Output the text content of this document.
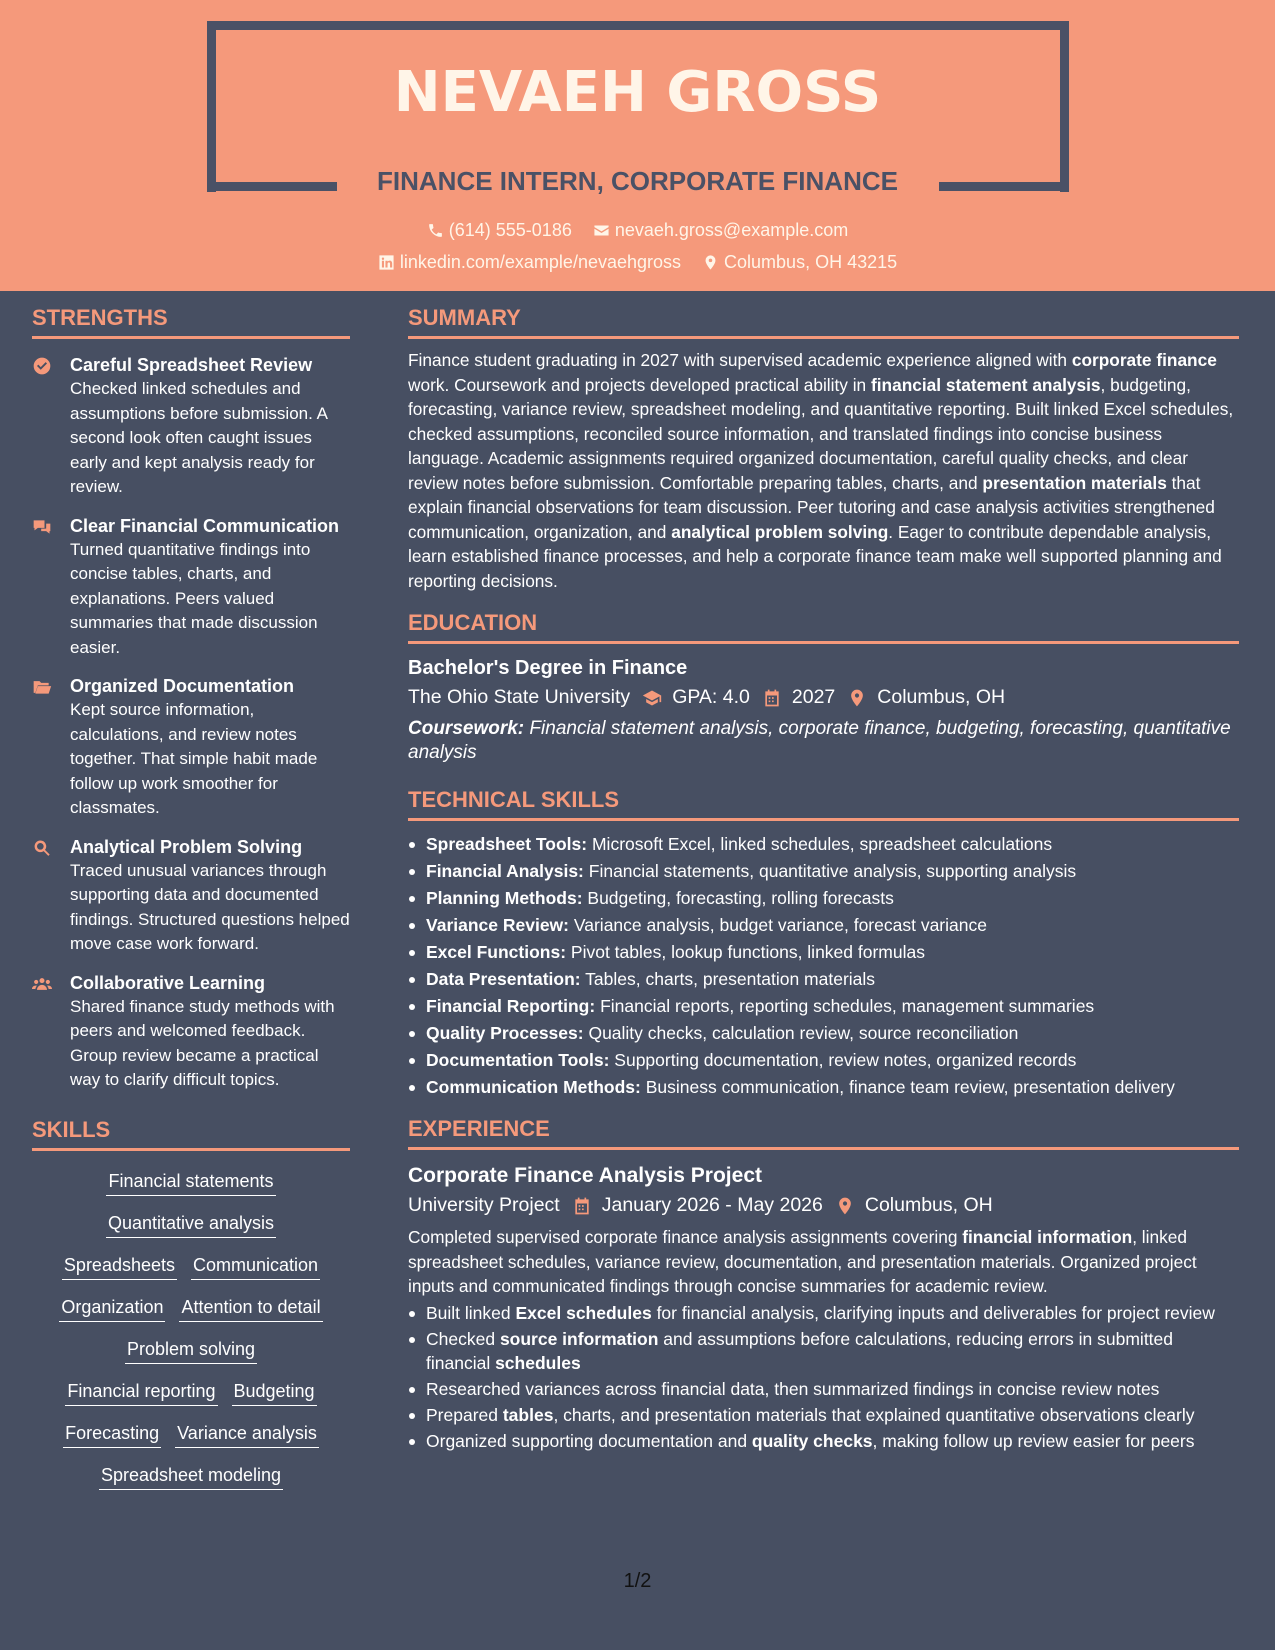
NEVAEH GROSS
FINANCE INTERN, CORPORATE FINANCE
(614) 555-0186
nevaeh.gross@example.com
linkedin.com/example/nevaehgross
Columbus, OH 43215
STRENGTHS
Careful Spreadsheet Review

Checked linked schedules and assumptions before submission. A second look often caught issues early and kept analysis ready for review.

Clear Financial Communication

Turned quantitative findings into concise tables, charts, and explanations. Peers valued summaries that made discussion easier.

Organized Documentation

Kept source information, calculations, and review notes together. That simple habit made follow up work smoother for classmates.

Analytical Problem Solving

Traced unusual variances through supporting data and documented findings. Structured questions helped move case work forward.

Collaborative Learning

Shared finance study methods with peers and welcomed feedback. Group review became a practical way to clarify difficult topics.

SKILLS
Financial statements
Quantitative analysis
Spreadsheets Communication
Organization Attention to detail
Problem solving
Financial reporting Budgeting
Forecasting Variance analysis
Spreadsheet modeling
SUMMARY

Finance student graduating in 2027 with supervised academic experience aligned with corporate finance work. Coursework and projects developed practical ability in financial statement analysis, budgeting, forecasting, variance review, spreadsheet modeling, and quantitative reporting. Built linked Excel schedules, checked assumptions, reconciled source information, and translated findings into concise business language. Academic assignments required organized documentation, careful quality checks, and clear review notes before submission. Comfortable preparing tables, charts, and presentation materials that explain financial observations for team discussion. Peer tutoring and case analysis activities strengthened communication, organization, and analytical problem solving. Eager to contribute dependable analysis, learn established finance processes, and help a corporate finance team make well supported planning and reporting decisions.

EDUCATION
Bachelor's Degree in Finance
The Ohio State University GPA: 4.0 2027 Columbus, OH
Coursework: Financial statement analysis, corporate finance, budgeting, forecasting, quantitative analysis
TECHNICAL SKILLS
Spreadsheet Tools: Microsoft Excel, linked schedules, spreadsheet calculations
Financial Analysis: Financial statements, quantitative analysis, supporting analysis
Planning Methods: Budgeting, forecasting, rolling forecasts
Variance Review: Variance analysis, budget variance, forecast variance
Excel Functions: Pivot tables, lookup functions, linked formulas
Data Presentation: Tables, charts, presentation materials
Financial Reporting: Financial reports, reporting schedules, management summaries
Quality Processes: Quality checks, calculation review, source reconciliation
Documentation Tools: Supporting documentation, review notes, organized records
Communication Methods: Business communication, finance team review, presentation delivery
EXPERIENCE
Corporate Finance Analysis Project
University Project January 2026 - May 2026 Columbus, OH

Completed supervised corporate finance analysis assignments covering financial information, linked spreadsheet schedules, variance review, documentation, and presentation materials. Organized project inputs and communicated findings through concise summaries for academic review.

Built linked Excel schedules for financial analysis, clarifying inputs and deliverables for project review
Checked source information and assumptions before calculations, reducing errors in submitted financial schedules
Researched variances across financial data, then summarized findings in concise review notes
Prepared tables, charts, and presentation materials that explained quantitative observations clearly
Organized supporting documentation and quality checks, making follow up review easier for peers
1/2
